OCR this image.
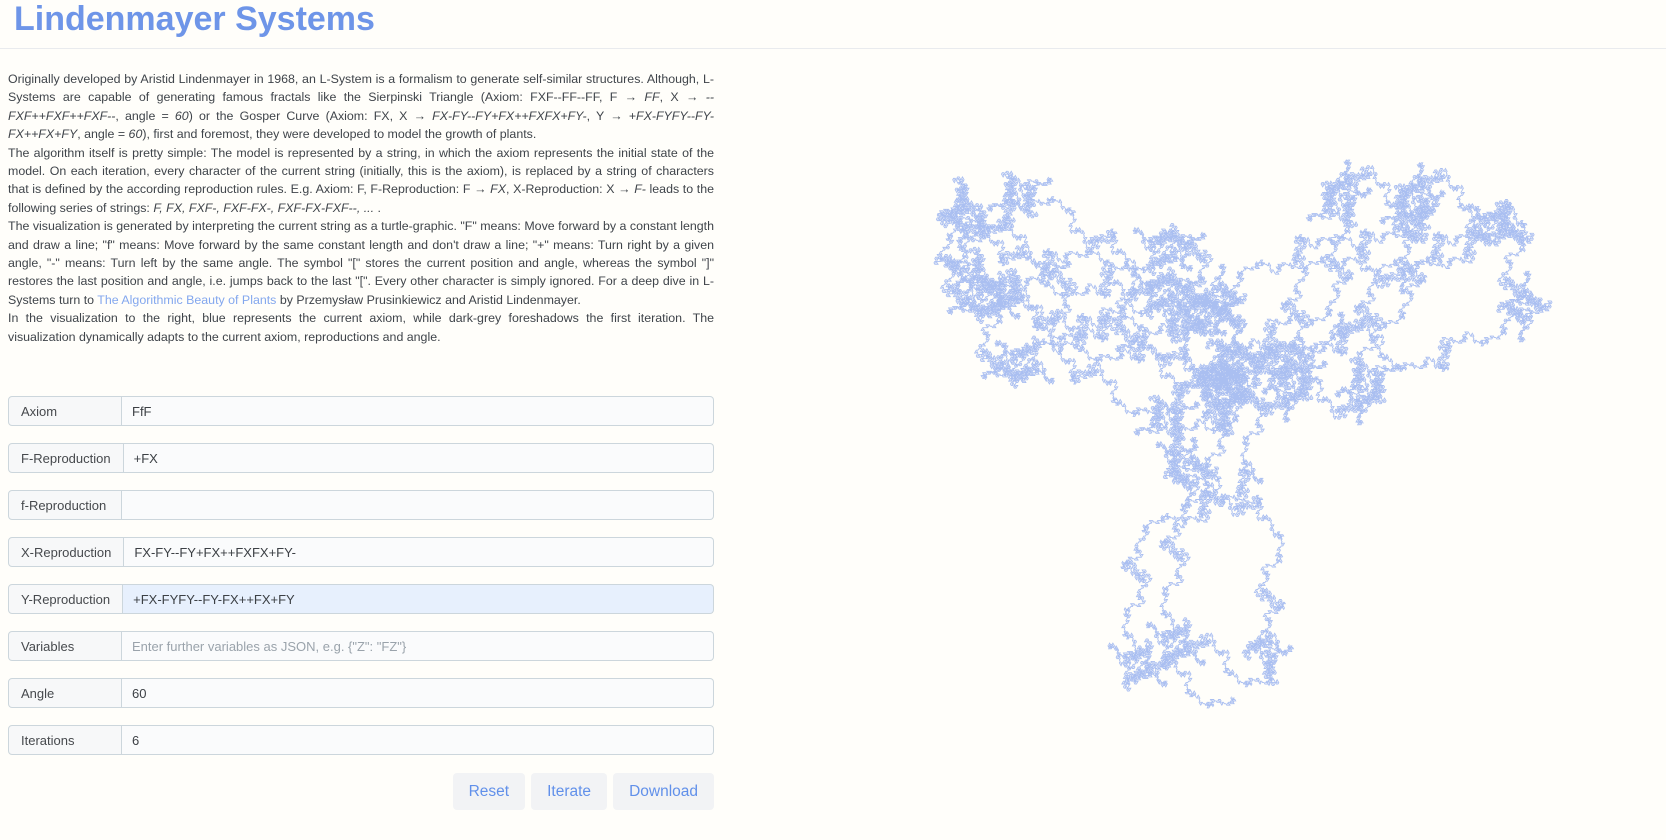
Lindenmayer Systems
Originally developed by Aristid Lindenmayer in 1968, an L-System is a formalism to generate self-similar structures. Although, L-Systems are capable of generating famous fractals like the Sierpinski Triangle (Axiom: FXF--FF--FF, F → FF, X → --FXF++FXF++FXF--, angle = 60) or the Gosper Curve (Axiom: FX, X → FX-FY--FY+FX++FXFX+FY-, Y → +FX-FYFY--FY-FX++FX+FY, angle = 60), first and foremost, they were developed to model the growth of plants.
The algorithm itself is pretty simple: The model is represented by a string, in which the axiom represents the initial state of the model. On each iteration, every character of the current string (initially, this is the axiom), is replaced by a string of characters that is defined by the according reproduction rules. E.g. Axiom: F, F-Reproduction: F → FX, X-Reproduction: X → F- leads to the following series of strings: F, FX, FXF-, FXF-FX-, FXF-FX-FXF--, ... .
The visualization is generated by interpreting the current string as a turtle-graphic. "F" means: Move forward by a constant length and draw a line; "f" means: Move forward by the same constant length and don't draw a line; "+" means: Turn right by a given angle, "-" means: Turn left by the same angle. The symbol "[" stores the current position and angle, whereas the symbol "]" restores the last position and angle, i.e. jumps back to the last "[". Every other character is simply ignored. For a deep dive in L-Systems turn to The Algorithmic Beauty of Plants by Przemysław Prusinkiewicz and Aristid Lindenmayer.
In the visualization to the right, blue represents the current axiom, while dark-grey foreshadows the first iteration. The visualization dynamically adapts to the current axiom, reproductions and angle.
Axiom
FfF
F-Reproduction
+FX
f-Reproduction
X-Reproduction
FX-FY--FY+FX++FXFX+FY-
Y-Reproduction
+FX-FYFY--FY-FX++FX+FY
Variables
Enter further variables as JSON, e.g. {"Z": "FZ"}
Angle
60
Iterations
6
Reset	Iterate	Download
